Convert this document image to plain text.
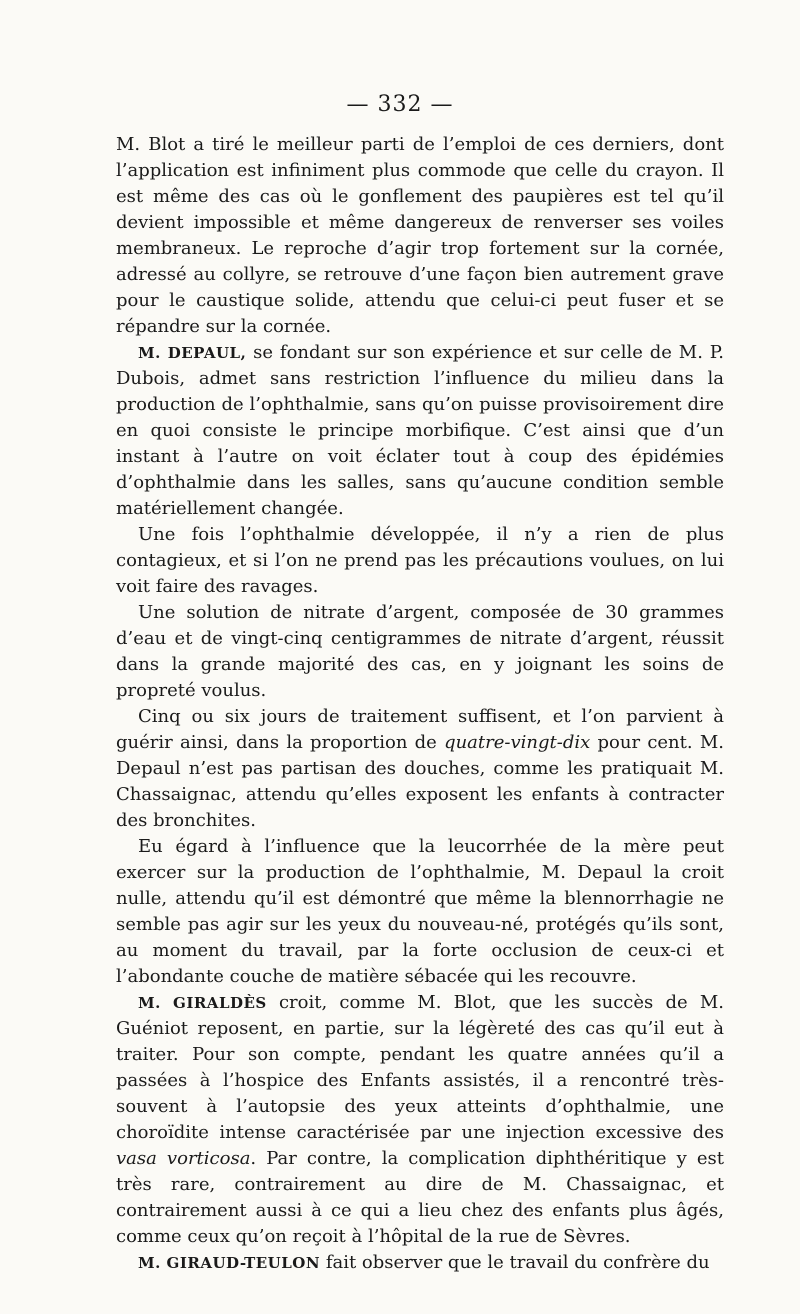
— 332 —

M. Blot a tiré le meilleur parti de l’emploi de ces derniers, dont l’application est infiniment plus commode que celle du crayon. Il est même des cas où le gonflement des paupières est tel qu’il devient impossible et même dangereux de renverser ses voiles membraneux. Le reproche d’agir trop fortement sur la cornée, adressé au collyre, se retrouve d’une façon bien autrement grave pour le caustique solide, attendu que celui-ci peut fuser et se répandre sur la cornée.

M. DEPAUL, se fondant sur son expérience et sur celle de M. P. Dubois, admet sans restriction l’influence du milieu dans la production de l’ophthalmie, sans qu’on puisse provisoirement dire en quoi consiste le principe morbifique. C’est ainsi que d’un instant à l’autre on voit éclater tout à coup des épidémies d’ophthalmie dans les salles, sans qu’aucune condition semble matériellement changée.

Une fois l’ophthalmie développée, il n’y a rien de plus contagieux, et si l’on ne prend pas les précautions voulues, on lui voit faire des ravages.

Une solution de nitrate d’argent, composée de 30 grammes d’eau et de vingt-cinq centigrammes de nitrate d’argent, réussit dans la grande majorité des cas, en y joignant les soins de propreté voulus.

Cinq ou six jours de traitement suffisent, et l’on parvient à guérir ainsi, dans la proportion de quatre-vingt-dix pour cent. M. Depaul n’est pas partisan des douches, comme les pratiquait M. Chassaignac, attendu qu’elles exposent les enfants à contracter des bronchites.

Eu égard à l’influence que la leucorrhée de la mère peut exercer sur la production de l’ophthalmie, M. Depaul la croit nulle, attendu qu’il est démontré que même la blennorrhagie ne semble pas agir sur les yeux du nouveau-né, protégés qu’ils sont, au moment du travail, par la forte occlusion de ceux-ci et l’abondante couche de matière sébacée qui les recouvre.

M. GIRALDÈS croit, comme M. Blot, que les succès de M. Guéniot reposent, en partie, sur la légèreté des cas qu’il eut à traiter. Pour son compte, pendant les quatre années qu’il a passées à l’hospice des Enfants assistés, il a rencontré très-souvent à l’autopsie des yeux atteints d’ophthalmie, une choroïdite intense caractérisée par une injection excessive des vasa vorticosa. Par contre, la complication diphthéritique y est très rare, contrairement au dire de M. Chassaignac, et contrairement aussi à ce qui a lieu chez des enfants plus âgés, comme ceux qu’on reçoit à l’hôpital de la rue de Sèvres.

M. GIRAUD-TEULON fait observer que le travail du confrère du
